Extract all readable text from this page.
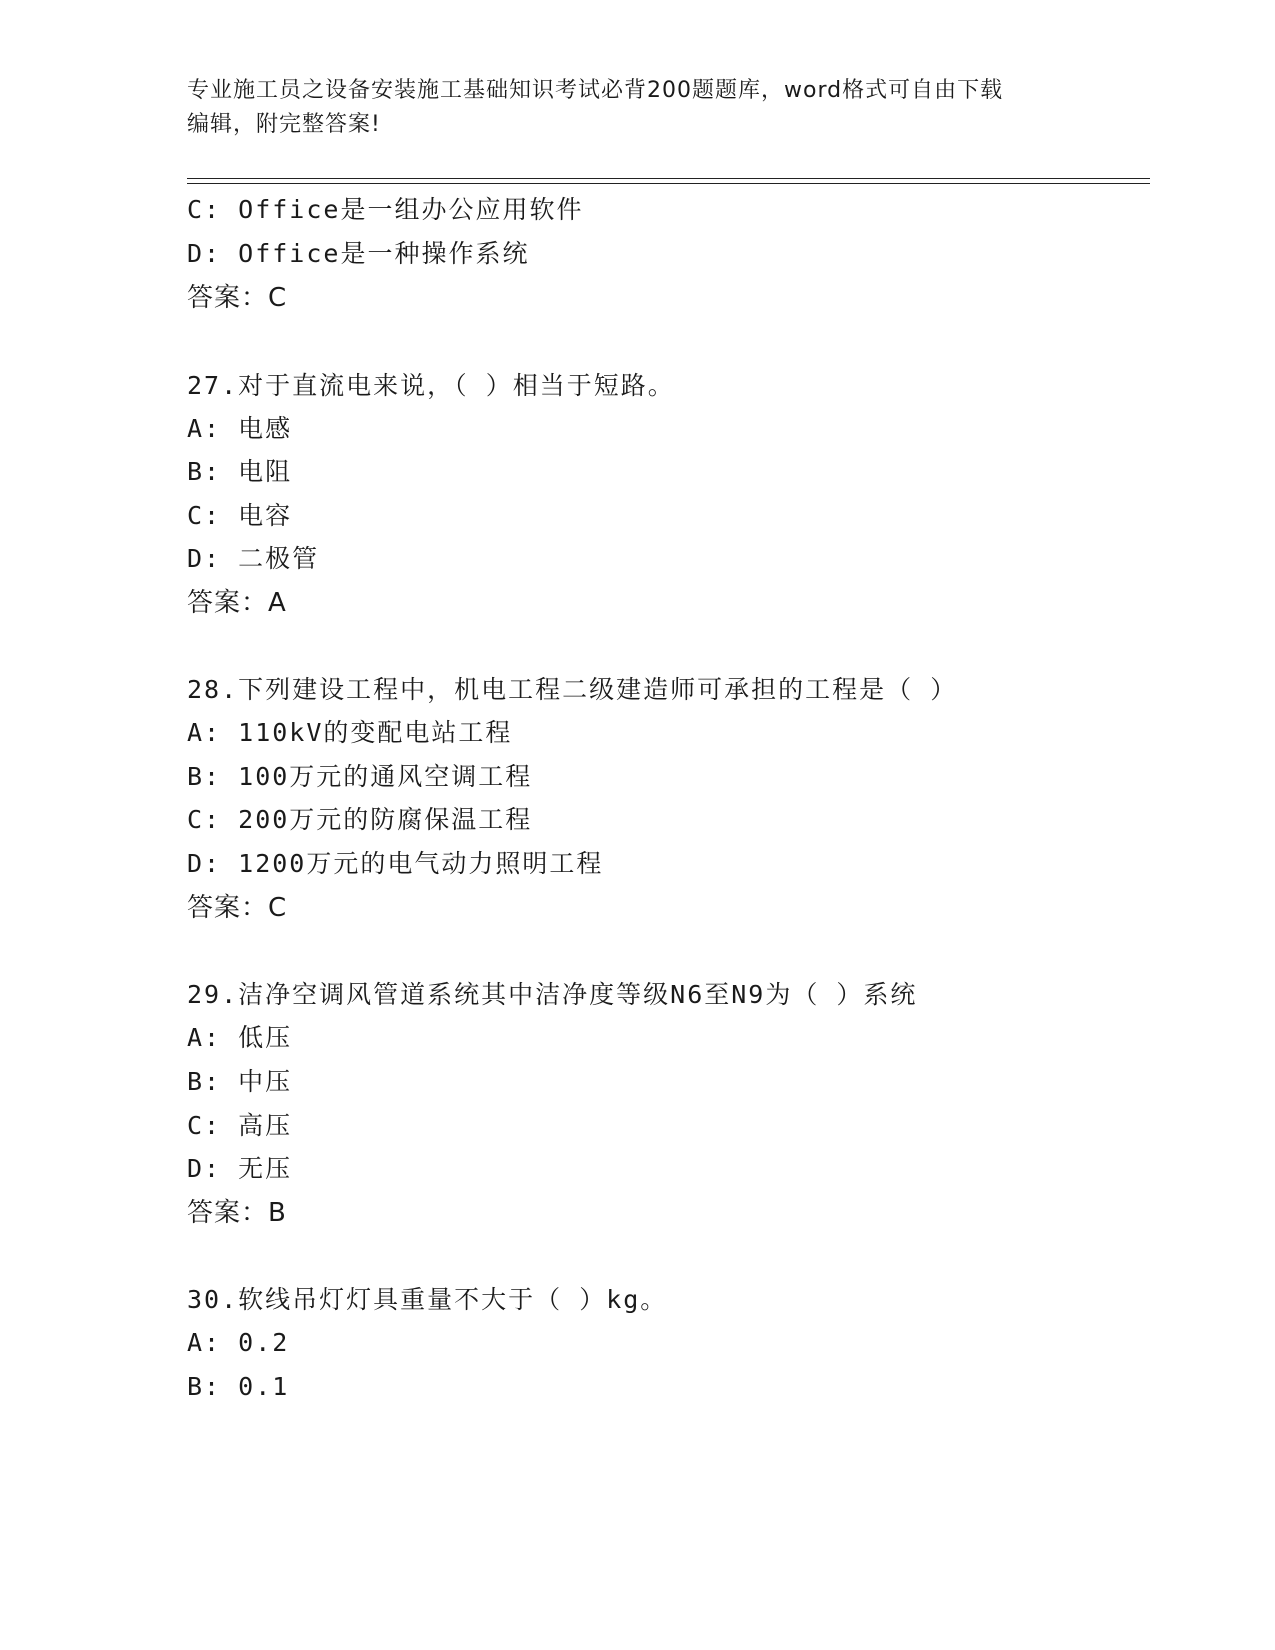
专业施工员之设备安装施工基础知识考试必背200题题库，word格式可自由下载
编辑，附完整答案!
C: Office是一组办公应用软件
D: Office是一种操作系统
答案：C
27.对于直流电来说，（ ）相当于短路。
A: 电感
B: 电阻
C: 电容
D: 二极管
答案：A
28.下列建设工程中，机电工程二级建造师可承担的工程是（ ）
A: 110kV的变配电站工程
B: 100万元的通风空调工程
C: 200万元的防腐保温工程
D: 1200万元的电气动力照明工程
答案：C
29.洁净空调风管道系统其中洁净度等级N6至N9为（ ）系统
A: 低压
B: 中压
C: 高压
D: 无压
答案：B
30.软线吊灯灯具重量不大于（ ）kg。
A: 0.2
B: 0.1
